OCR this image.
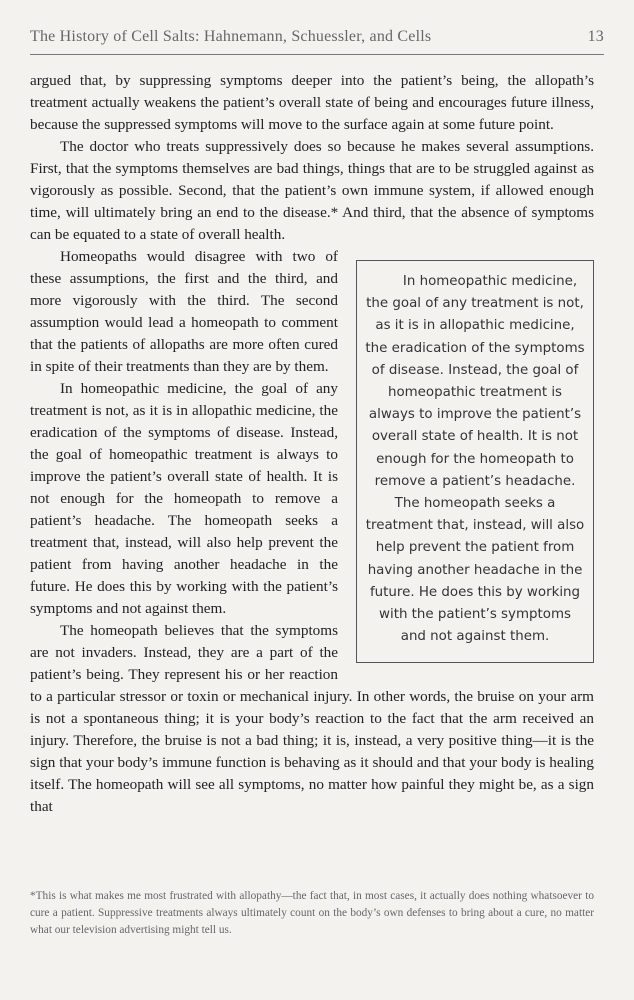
The History of Cell Salts: Hahnemann, Schuessler, and Cells	13

argued that, by suppressing symptoms deeper into the patient’s being, the allopath’s treatment actually weakens the patient’s overall state of being and encourages future illness, because the suppressed symptoms will move to the surface again at some future point.

The doctor who treats suppressively does so because he makes several assumptions. First, that the symptoms themselves are bad things, things that are to be struggled against as vigorously as possible. Second, that the patient’s own immune system, if allowed enough time, will ultimately bring an end to the disease.* And third, that the absence of symptoms can be equated to a state of overall health.

In homeopathic medicine, the goal of any treatment is not, as it is in allopathic medicine, the eradication of the symptoms of disease. Instead, the goal of homeopathic treatment is always to improve the patient’s overall state of health. It is not enough for the homeopath to remove a patient’s headache. The homeopath seeks a treatment that, instead, will also help prevent the patient from having another headache in the future. He does this by working with the patient’s symptoms and not against them.
Homeopaths would disagree with two of these assumptions, the first and the third, and more vigorously with the third. The second assumption would lead a homeopath to comment that the patients of allopaths are more often cured in spite of their treatments than they are by them.

In homeopathic medicine, the goal of any treatment is not, as it is in allopathic medicine, the eradication of the symptoms of disease. Instead, the goal of homeopathic treatment is always to improve the patient’s overall state of health. It is not enough for the homeopath to remove a patient’s headache. The homeopath seeks a treatment that, instead, will also help prevent the patient from having another headache in the future. He does this by working with the patient’s symptoms and not against them.

The homeopath believes that the symptoms are not invaders. Instead, they are a part of the patient’s being. They represent his or her reaction to a particular stressor or toxin or mechanical injury. In other words, the bruise on your arm is not a spontaneous thing; it is your body’s reaction to the fact that the arm received an injury. Therefore, the bruise is not a bad thing; it is, instead, a very positive thing—it is the sign that your body’s immune function is behaving as it should and that your body is healing itself. The homeopath will see all symptoms, no matter how painful they might be, as a sign that

*This is what makes me most frustrated with allopathy—the fact that, in most cases, it actually does nothing whatsoever to cure a patient. Suppressive treatments always ultimately count on the body’s own defenses to bring about a cure, no matter what our television advertising might tell us.
